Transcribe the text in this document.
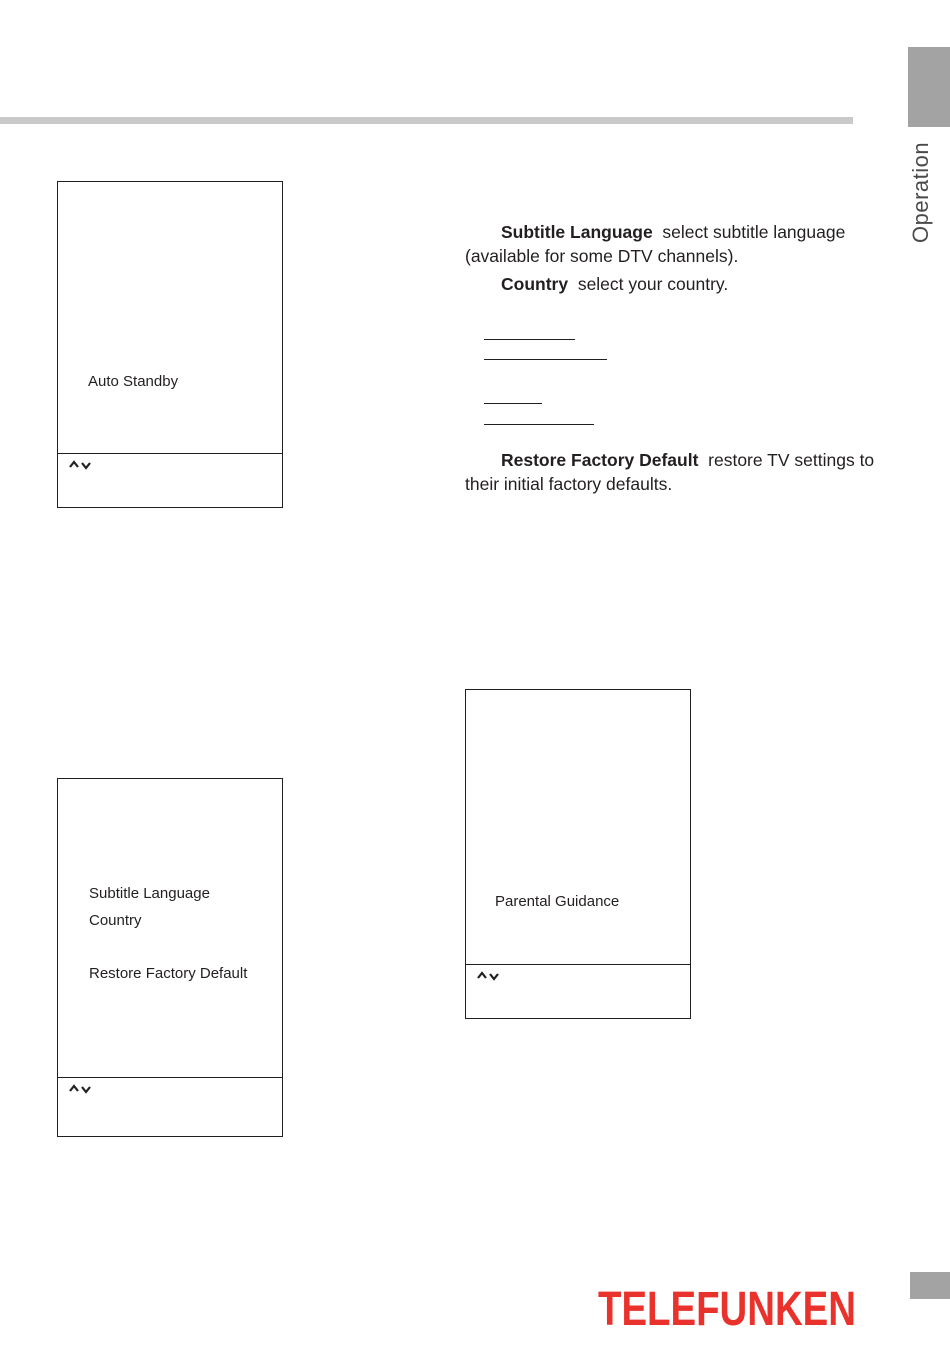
Operation
Auto Standby
Subtitle Language
Country
Restore Factory Default
Parental Guidance
Subtitle Language select subtitle language (available for some DTV channels).
Country select your country.
Restore Factory Default restore TV settings to their initial factory defaults.
TELEFUNKEN
